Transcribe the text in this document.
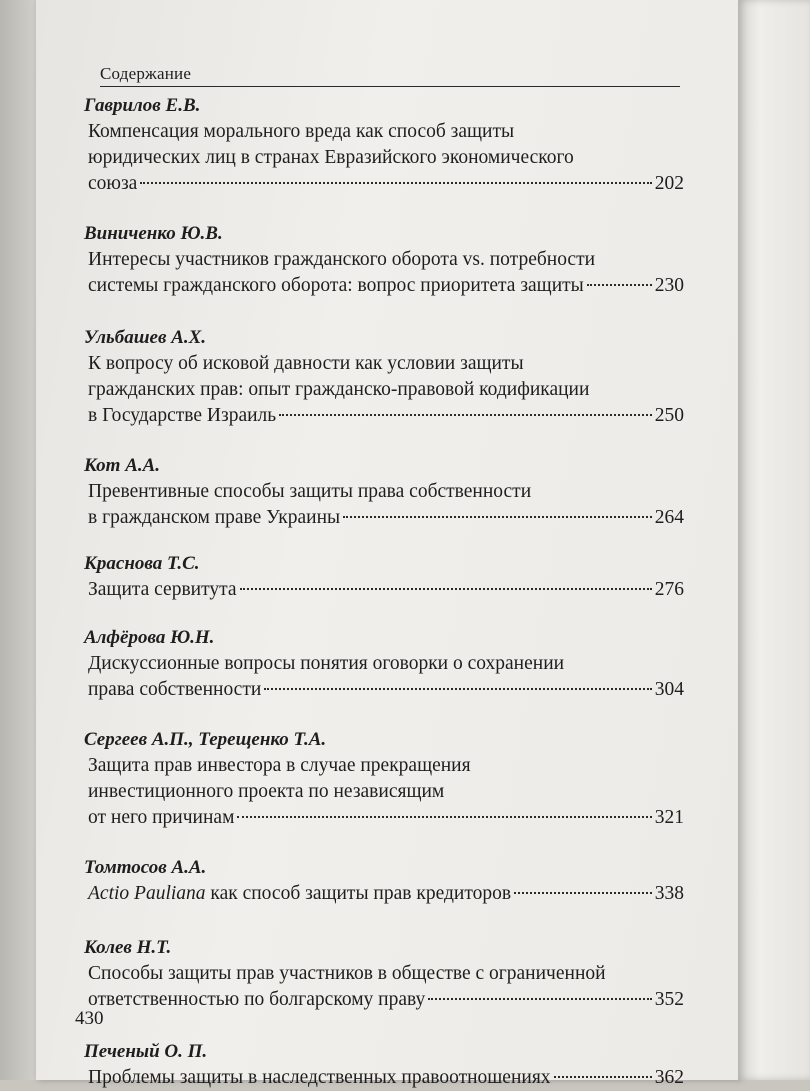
Содержание
Гаврилов Е.В.
Компенсация морального вреда как способ защиты
юридических лиц в странах Евразийского экономического
союза	202
Виниченко Ю.В.
Интересы участников гражданского оборота vs. потребности
системы гражданского оборота: вопрос приоритета защиты	230
Ульбашев А.Х.
К вопросу об исковой давности как условии защиты
гражданских прав: опыт гражданско-правовой кодификации
в Государстве Израиль	250
Кот А.А.
Превентивные способы защиты права собственности
в гражданском праве Украины	264
Краснова Т.С.
Защита сервитута	276
Алфёрова Ю.Н.
Дискуссионные вопросы понятия оговорки о сохранении
права собственности	304
Сергеев А.П., Терещенко Т.А.
Защита прав инвестора в случае прекращения
инвестиционного проекта по независящим
от него причинам	321
Томтосов А.А.
Actio Pauliana как способ защиты прав кредиторов	338
Колев Н.Т.
Способы защиты прав участников в обществе с ограниченной
ответственностью по болгарскому праву	352
Печеный О. П.
Проблемы защиты в наследственных правоотношениях	362
430
